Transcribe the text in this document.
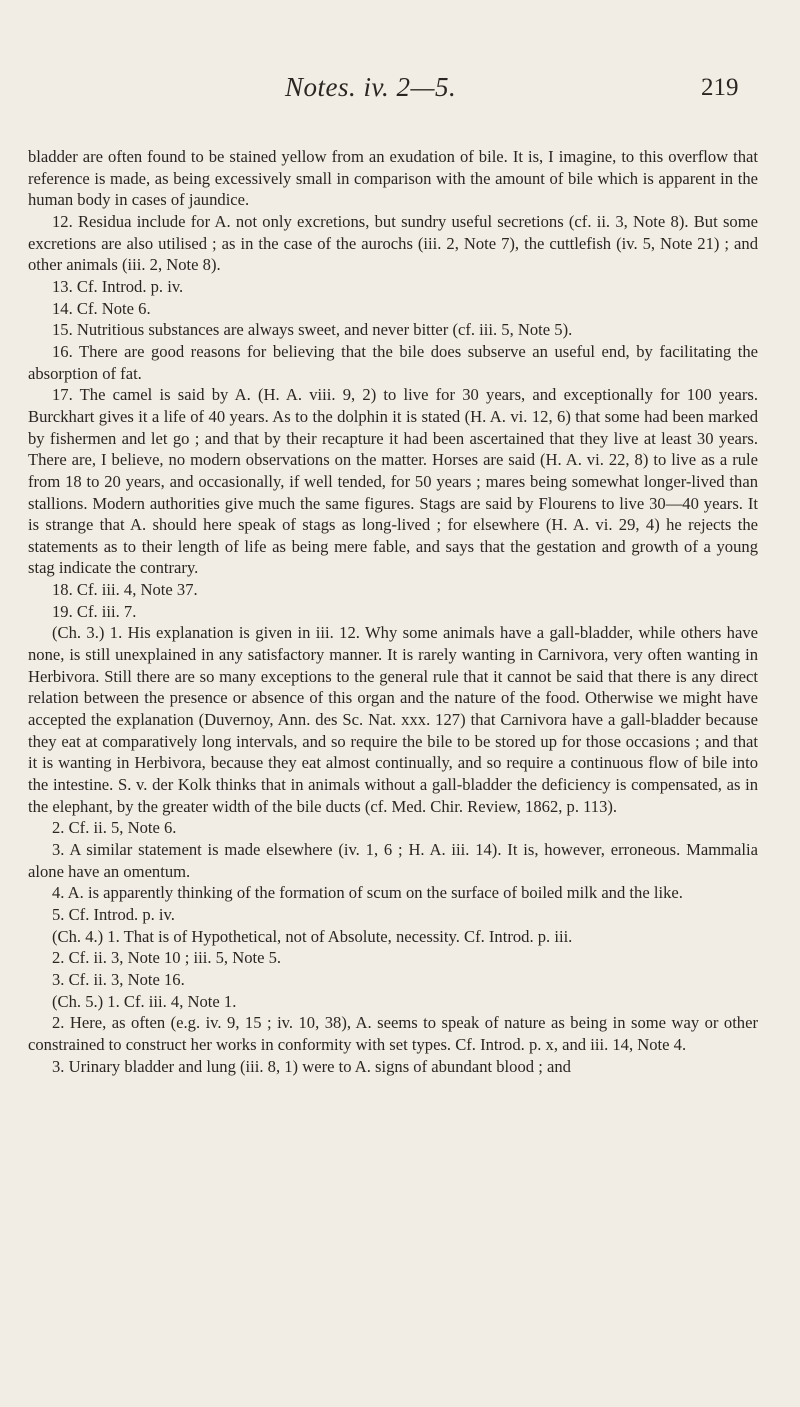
Notes. iv. 2—5.	219

bladder are often found to be stained yellow from an exudation of bile. It is, I imagine, to this overflow that reference is made, as being excessively small in comparison with the amount of bile which is apparent in the human body in cases of jaundice.

12. Residua include for A. not only excretions, but sundry useful secretions (cf. ii. 3, Note 8). But some excretions are also utilised ; as in the case of the aurochs (iii. 2, Note 7), the cuttlefish (iv. 5, Note 21) ; and other animals (iii. 2, Note 8).

13. Cf. Introd. p. iv.

14. Cf. Note 6.

15. Nutritious substances are always sweet, and never bitter (cf. iii. 5, Note 5).

16. There are good reasons for believing that the bile does subserve an useful end, by facilitating the absorption of fat.

17. The camel is said by A. (H. A. viii. 9, 2) to live for 30 years, and exceptionally for 100 years. Burckhart gives it a life of 40 years. As to the dolphin it is stated (H. A. vi. 12, 6) that some had been marked by fishermen and let go ; and that by their recapture it had been ascertained that they live at least 30 years. There are, I believe, no modern observations on the matter. Horses are said (H. A. vi. 22, 8) to live as a rule from 18 to 20 years, and occasionally, if well tended, for 50 years ; mares being somewhat longer-lived than stallions. Modern authorities give much the same figures. Stags are said by Flourens to live 30—40 years. It is strange that A. should here speak of stags as long-lived ; for elsewhere (H. A. vi. 29, 4) he rejects the statements as to their length of life as being mere fable, and says that the gestation and growth of a young stag indicate the contrary.

18. Cf. iii. 4, Note 37.

19. Cf. iii. 7.

(Ch. 3.) 1. His explanation is given in iii. 12. Why some animals have a gall-bladder, while others have none, is still unexplained in any satisfactory manner. It is rarely wanting in Carnivora, very often wanting in Herbivora. Still there are so many exceptions to the general rule that it cannot be said that there is any direct relation between the presence or absence of this organ and the nature of the food. Otherwise we might have accepted the explanation (Duvernoy, Ann. des Sc. Nat. xxx. 127) that Carnivora have a gall-bladder because they eat at comparatively long intervals, and so require the bile to be stored up for those occasions ; and that it is wanting in Herbivora, because they eat almost continually, and so require a continuous flow of bile into the intestine. S. v. der Kolk thinks that in animals without a gall-bladder the deficiency is compensated, as in the elephant, by the greater width of the bile ducts (cf. Med. Chir. Review, 1862, p. 113).

2. Cf. ii. 5, Note 6.

3. A similar statement is made elsewhere (iv. 1, 6 ; H. A. iii. 14). It is, however, erroneous. Mammalia alone have an omentum.

4. A. is apparently thinking of the formation of scum on the surface of boiled milk and the like.

5. Cf. Introd. p. iv.

(Ch. 4.) 1. That is of Hypothetical, not of Absolute, necessity. Cf. Introd. p. iii.

2. Cf. ii. 3, Note 10 ; iii. 5, Note 5.

3. Cf. ii. 3, Note 16.

(Ch. 5.) 1. Cf. iii. 4, Note 1.

2. Here, as often (e.g. iv. 9, 15 ; iv. 10, 38), A. seems to speak of nature as being in some way or other constrained to construct her works in conformity with set types. Cf. Introd. p. x, and iii. 14, Note 4.

3. Urinary bladder and lung (iii. 8, 1) were to A. signs of abundant blood ; and
